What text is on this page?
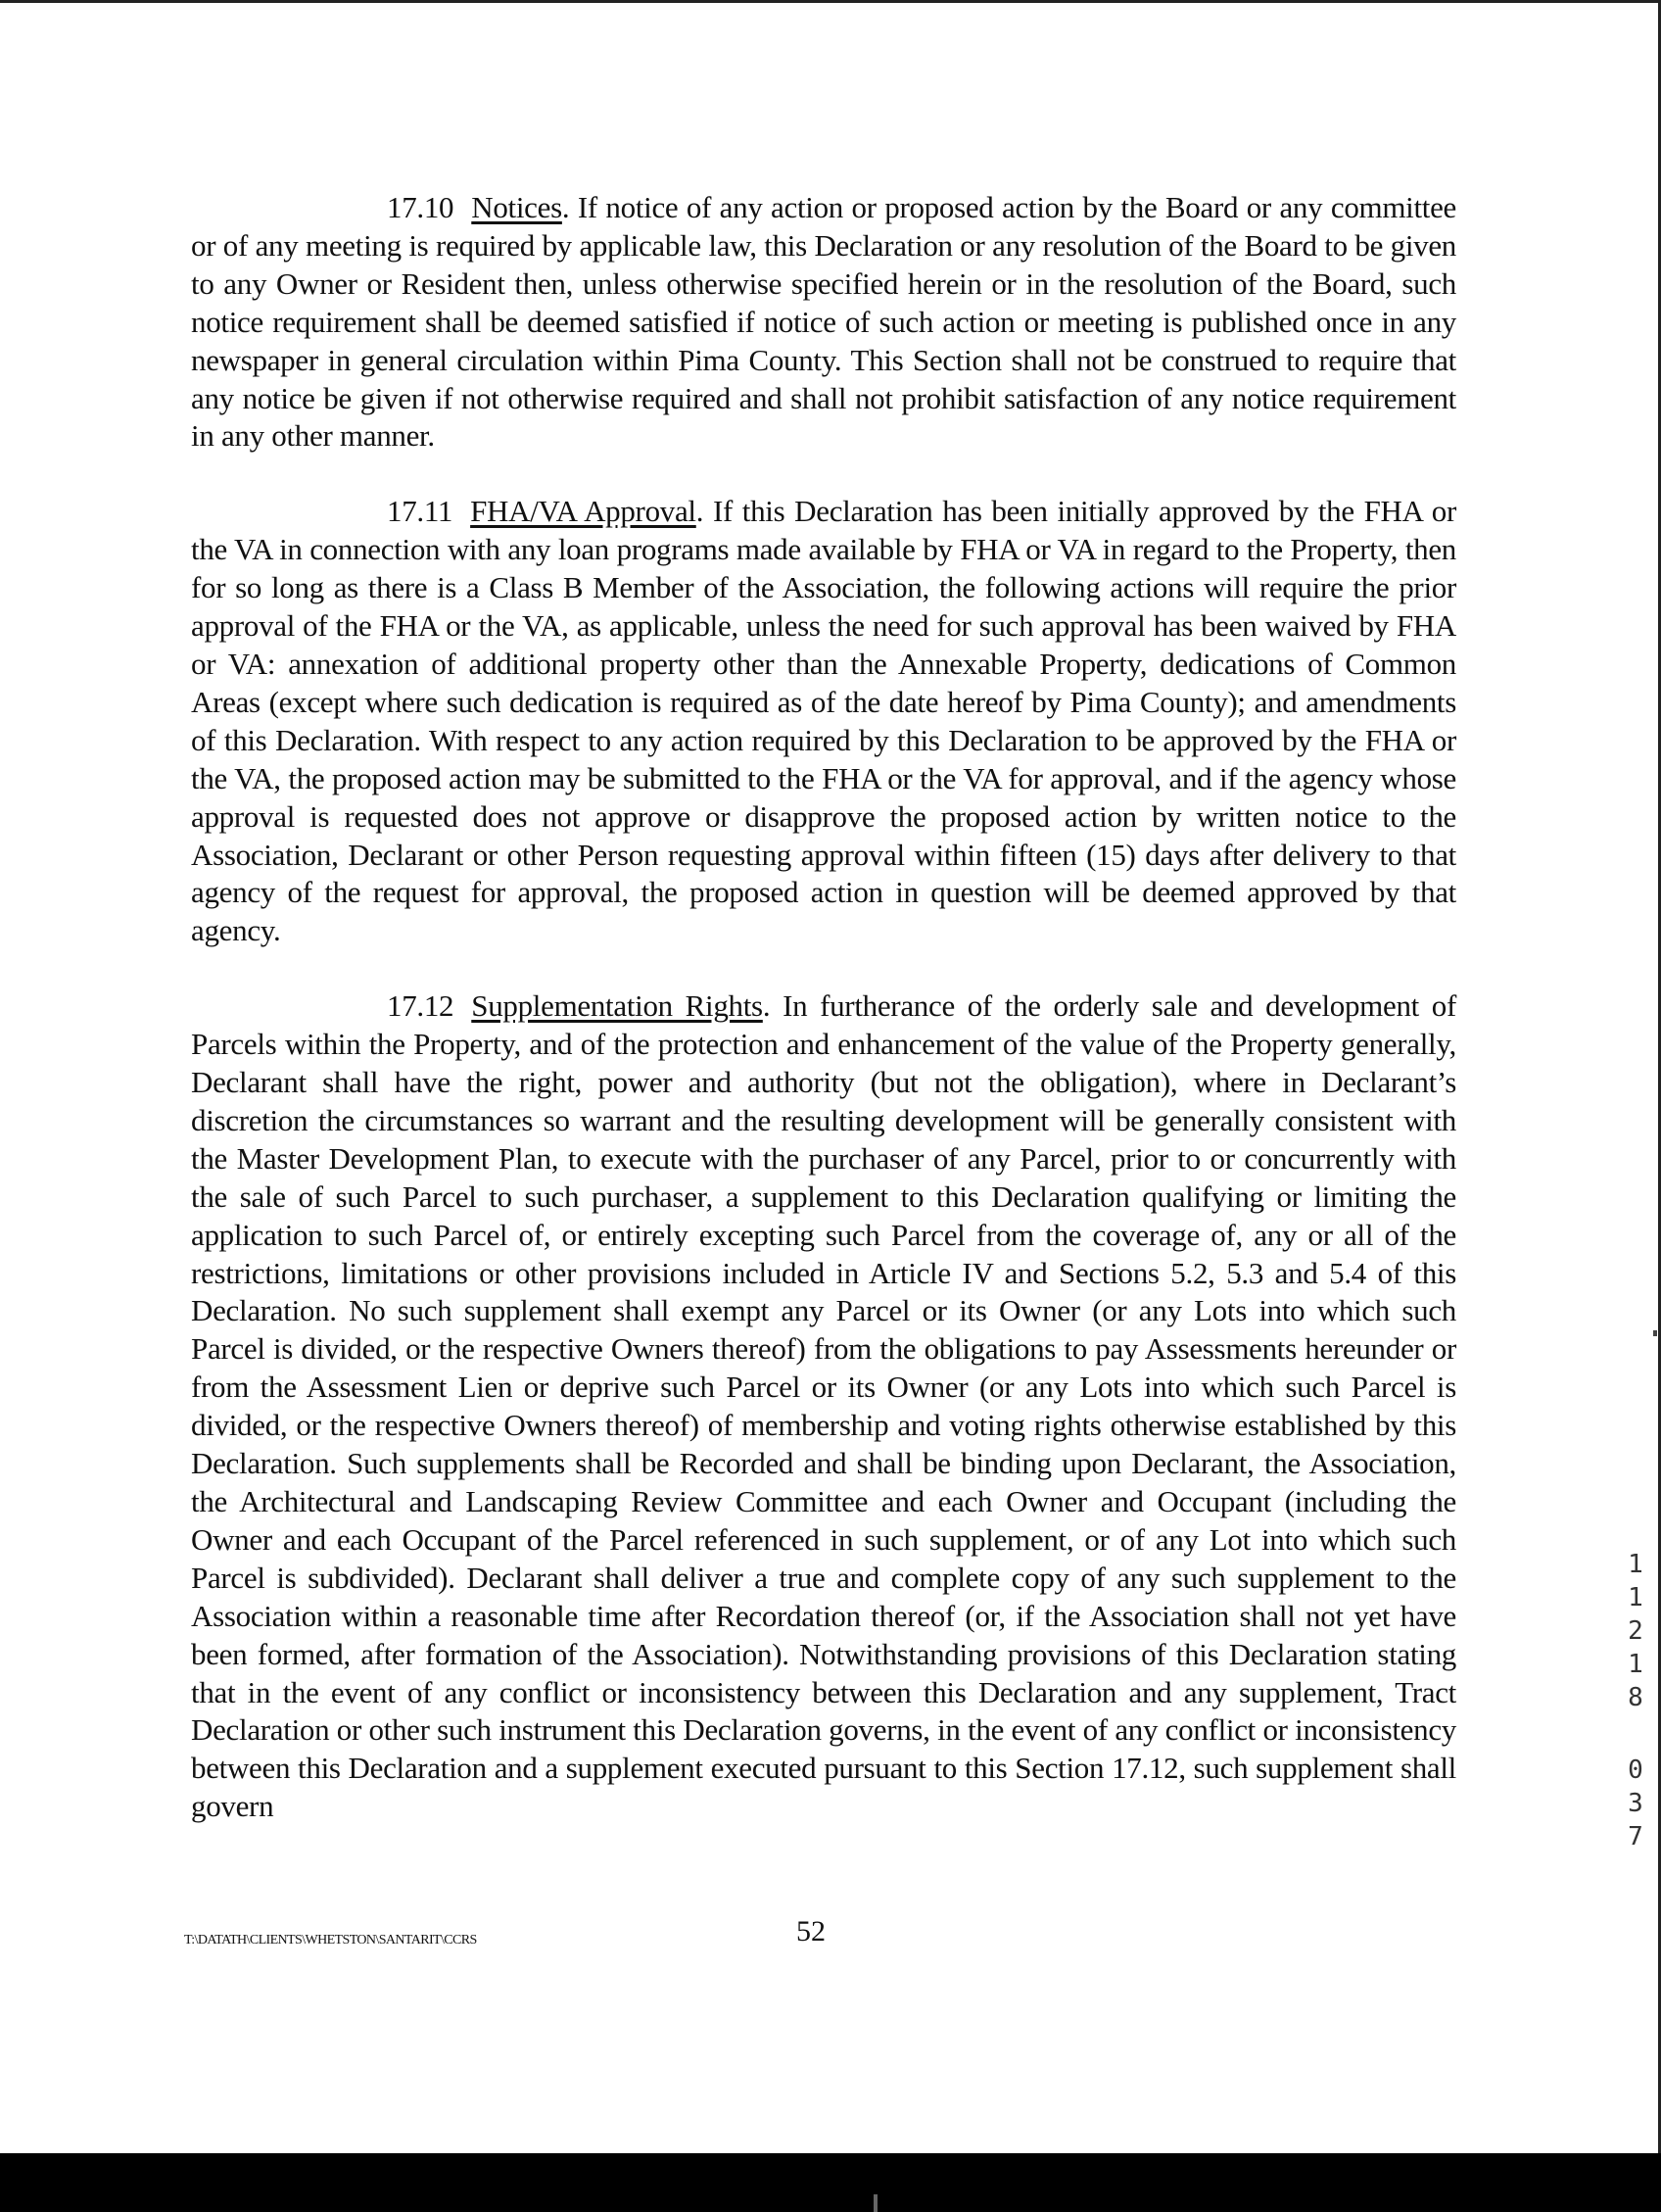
17.10 Notices. If notice of any action or proposed action by the Board or any committee or of any meeting is required by applicable law, this Declaration or any resolution of the Board to be given to any Owner or Resident then, unless otherwise specified herein or in the resolution of the Board, such notice requirement shall be deemed satisfied if notice of such action or meeting is published once in any newspaper in general circulation within Pima County. This Section shall not be construed to require that any notice be given if not otherwise required and shall not prohibit satisfaction of any notice requirement in any other manner.

17.11 FHA/VA Approval. If this Declaration has been initially approved by the FHA or the VA in connection with any loan programs made available by FHA or VA in regard to the Property, then for so long as there is a Class B Member of the Association, the following actions will require the prior approval of the FHA or the VA, as applicable, unless the need for such approval has been waived by FHA or VA: annexation of additional property other than the Annexable Property, dedications of Common Areas (except where such dedication is required as of the date hereof by Pima County); and amendments of this Declaration. With respect to any action required by this Declaration to be approved by the FHA or the VA, the proposed action may be submitted to the FHA or the VA for approval, and if the agency whose approval is requested does not approve or disapprove the proposed action by written notice to the Association, Declarant or other Person requesting approval within fifteen (15) days after delivery to that agency of the request for approval, the proposed action in question will be deemed approved by that agency.

17.12 Supplementation Rights. In furtherance of the orderly sale and development of Parcels within the Property, and of the protection and enhancement of the value of the Property generally, Declarant shall have the right, power and authority (but not the obligation), where in Declarant’s discretion the circumstances so warrant and the resulting development will be generally consistent with the Master Development Plan, to execute with the purchaser of any Parcel, prior to or concurrently with the sale of such Parcel to such purchaser, a supplement to this Declaration qualifying or limiting the application to such Parcel of, or entirely excepting such Parcel from the coverage of, any or all of the restrictions, limitations or other provisions included in Article IV and Sections 5.2, 5.3 and 5.4 of this Declaration. No such supplement shall exempt any Parcel or its Owner (or any Lots into which such Parcel is divided, or the respective Owners thereof) from the obligations to pay Assessments hereunder or from the Assessment Lien or deprive such Parcel or its Owner (or any Lots into which such Parcel is divided, or the respective Owners thereof) of membership and voting rights otherwise established by this Declaration. Such supplements shall be Recorded and shall be binding upon Declarant, the Association, the Architectural and Landscaping Review Committee and each Owner and Occupant (including the Owner and each Occupant of the Parcel referenced in such supplement, or of any Lot into which such Parcel is subdivided). Declarant shall deliver a true and complete copy of any such supplement to the Association within a reasonable time after Recordation thereof (or, if the Association shall not yet have been formed, after formation of the Association). Notwithstanding provisions of this Declaration stating that in the event of any conflict or inconsistency between this Declaration and any supplement, Tract Declaration or other such instrument this Declaration governs, in the event of any conflict or inconsistency between this Declaration and a supplement executed pursuant to this Section 17.12, such supplement shall govern

T:\DATATH\CLIENTS\WHETSTON\SANTARIT\CCRS	52
1
1
2
1
8
0
3
7
